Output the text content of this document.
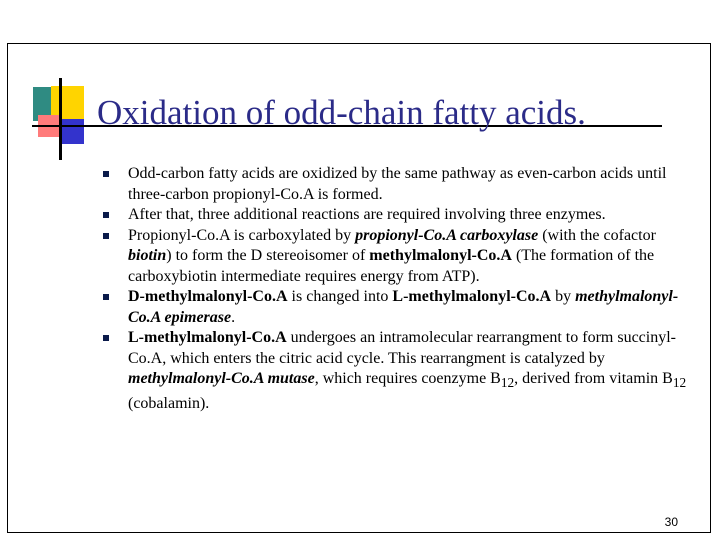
Oxidation of odd-chain fatty acids.
Odd-carbon fatty acids are oxidized by the same pathway as even-carbon acids until three-carbon propionyl-Co.A is formed.
After that, three additional reactions are required involving three enzymes.
Propionyl-Co.A is carboxylated by propionyl-Co.A carboxylase (with the cofactor biotin) to form the D stereoisomer of methylmalonyl-Co.A (The formation of the carboxybiotin intermediate requires energy from ATP).
D-methylmalonyl-Co.A is changed into L-methylmalonyl-Co.A by methylmalonyl-Co.A epimerase.
L-methylmalonyl-Co.A undergoes an intramolecular rearrangment to form succinyl-Co.A, which enters the citric acid cycle. This rearrangment is catalyzed by methylmalonyl-Co.A mutase, which requires coenzyme $B_{12}$, derived from vitamin $B_{12}$ (cobalamin).
30
